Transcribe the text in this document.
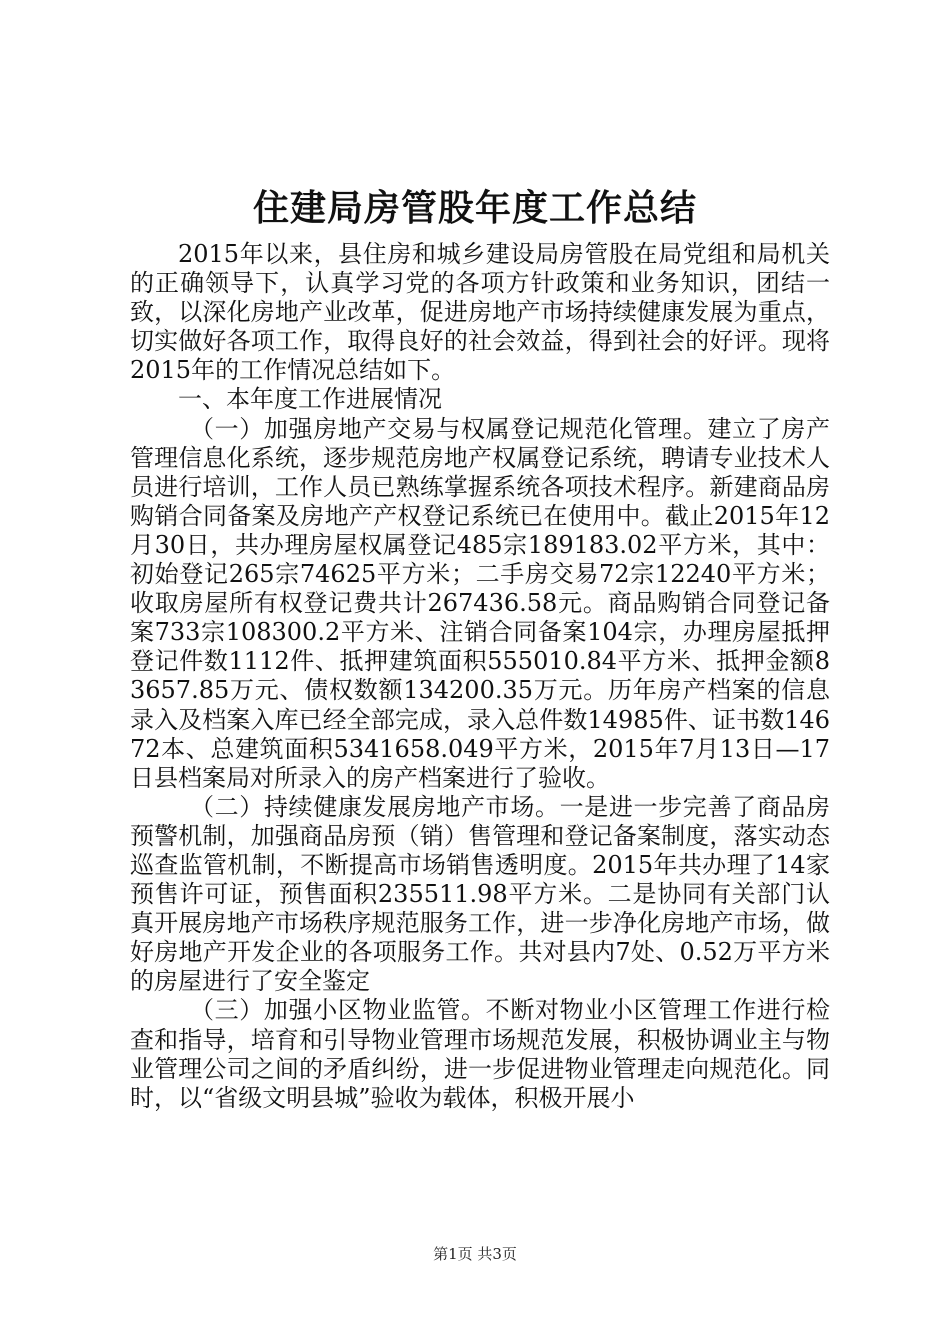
住建局房管股年度工作总结

2015年以来，县住房和城乡建设局房管股在局党组和局机关的正确领导下，认真学习党的各项方针政策和业务知识，团结一致，以深化房地产业改革，促进房地产市场持续健康发展为重点，切实做好各项工作，取得良好的社会效益，得到社会的好评。现将2015年的工作情况总结如下。

一、本年度工作进展情况

（一）加强房地产交易与权属登记规范化管理。建立了房产管理信息化系统，逐步规范房地产权属登记系统，聘请专业技术人员进行培训，工作人员已熟练掌握系统各项技术程序。新建商品房购销合同备案及房地产产权登记系统已在使用中。截止2015年12月30日，共办理房屋权属登记485宗189183.02平方米，其中：初始登记265宗74625平方米；二手房交易72宗12240平方米；收取房屋所有权登记费共计267436.58元。商品购销合同登记备案733宗108300.2平方米、注销合同备案104宗，办理房屋抵押登记件数1112件、抵押建筑面积555010.84平方米、抵押金额83657.85万元、债权数额134200.35万元。历年房产档案的信息录入及档案入库已经全部完成，录入总件数14985件、证书数14672本、总建筑面积5341658.049平方米，2015年7月13日—17日县档案局对所录入的房产档案进行了验收。

（二）持续健康发展房地产市场。一是进一步完善了商品房预警机制，加强商品房预（销）售管理和登记备案制度，落实动态巡查监管机制，不断提高市场销售透明度。2015年共办理了14家预售许可证，预售面积235511.98平方米。二是协同有关部门认真开展房地产市场秩序规范服务工作，进一步净化房地产市场，做好房地产开发企业的各项服务工作。共对县内7处、0.52万平方米的房屋进行了安全鉴定

（三）加强小区物业监管。不断对物业小区管理工作进行检查和指导，培育和引导物业管理市场规范发展，积极协调业主与物业管理公司之间的矛盾纠纷，进一步促进物业管理走向规范化。同时，以“省级文明县城”验收为载体，积极开展小

第1页 共3页
